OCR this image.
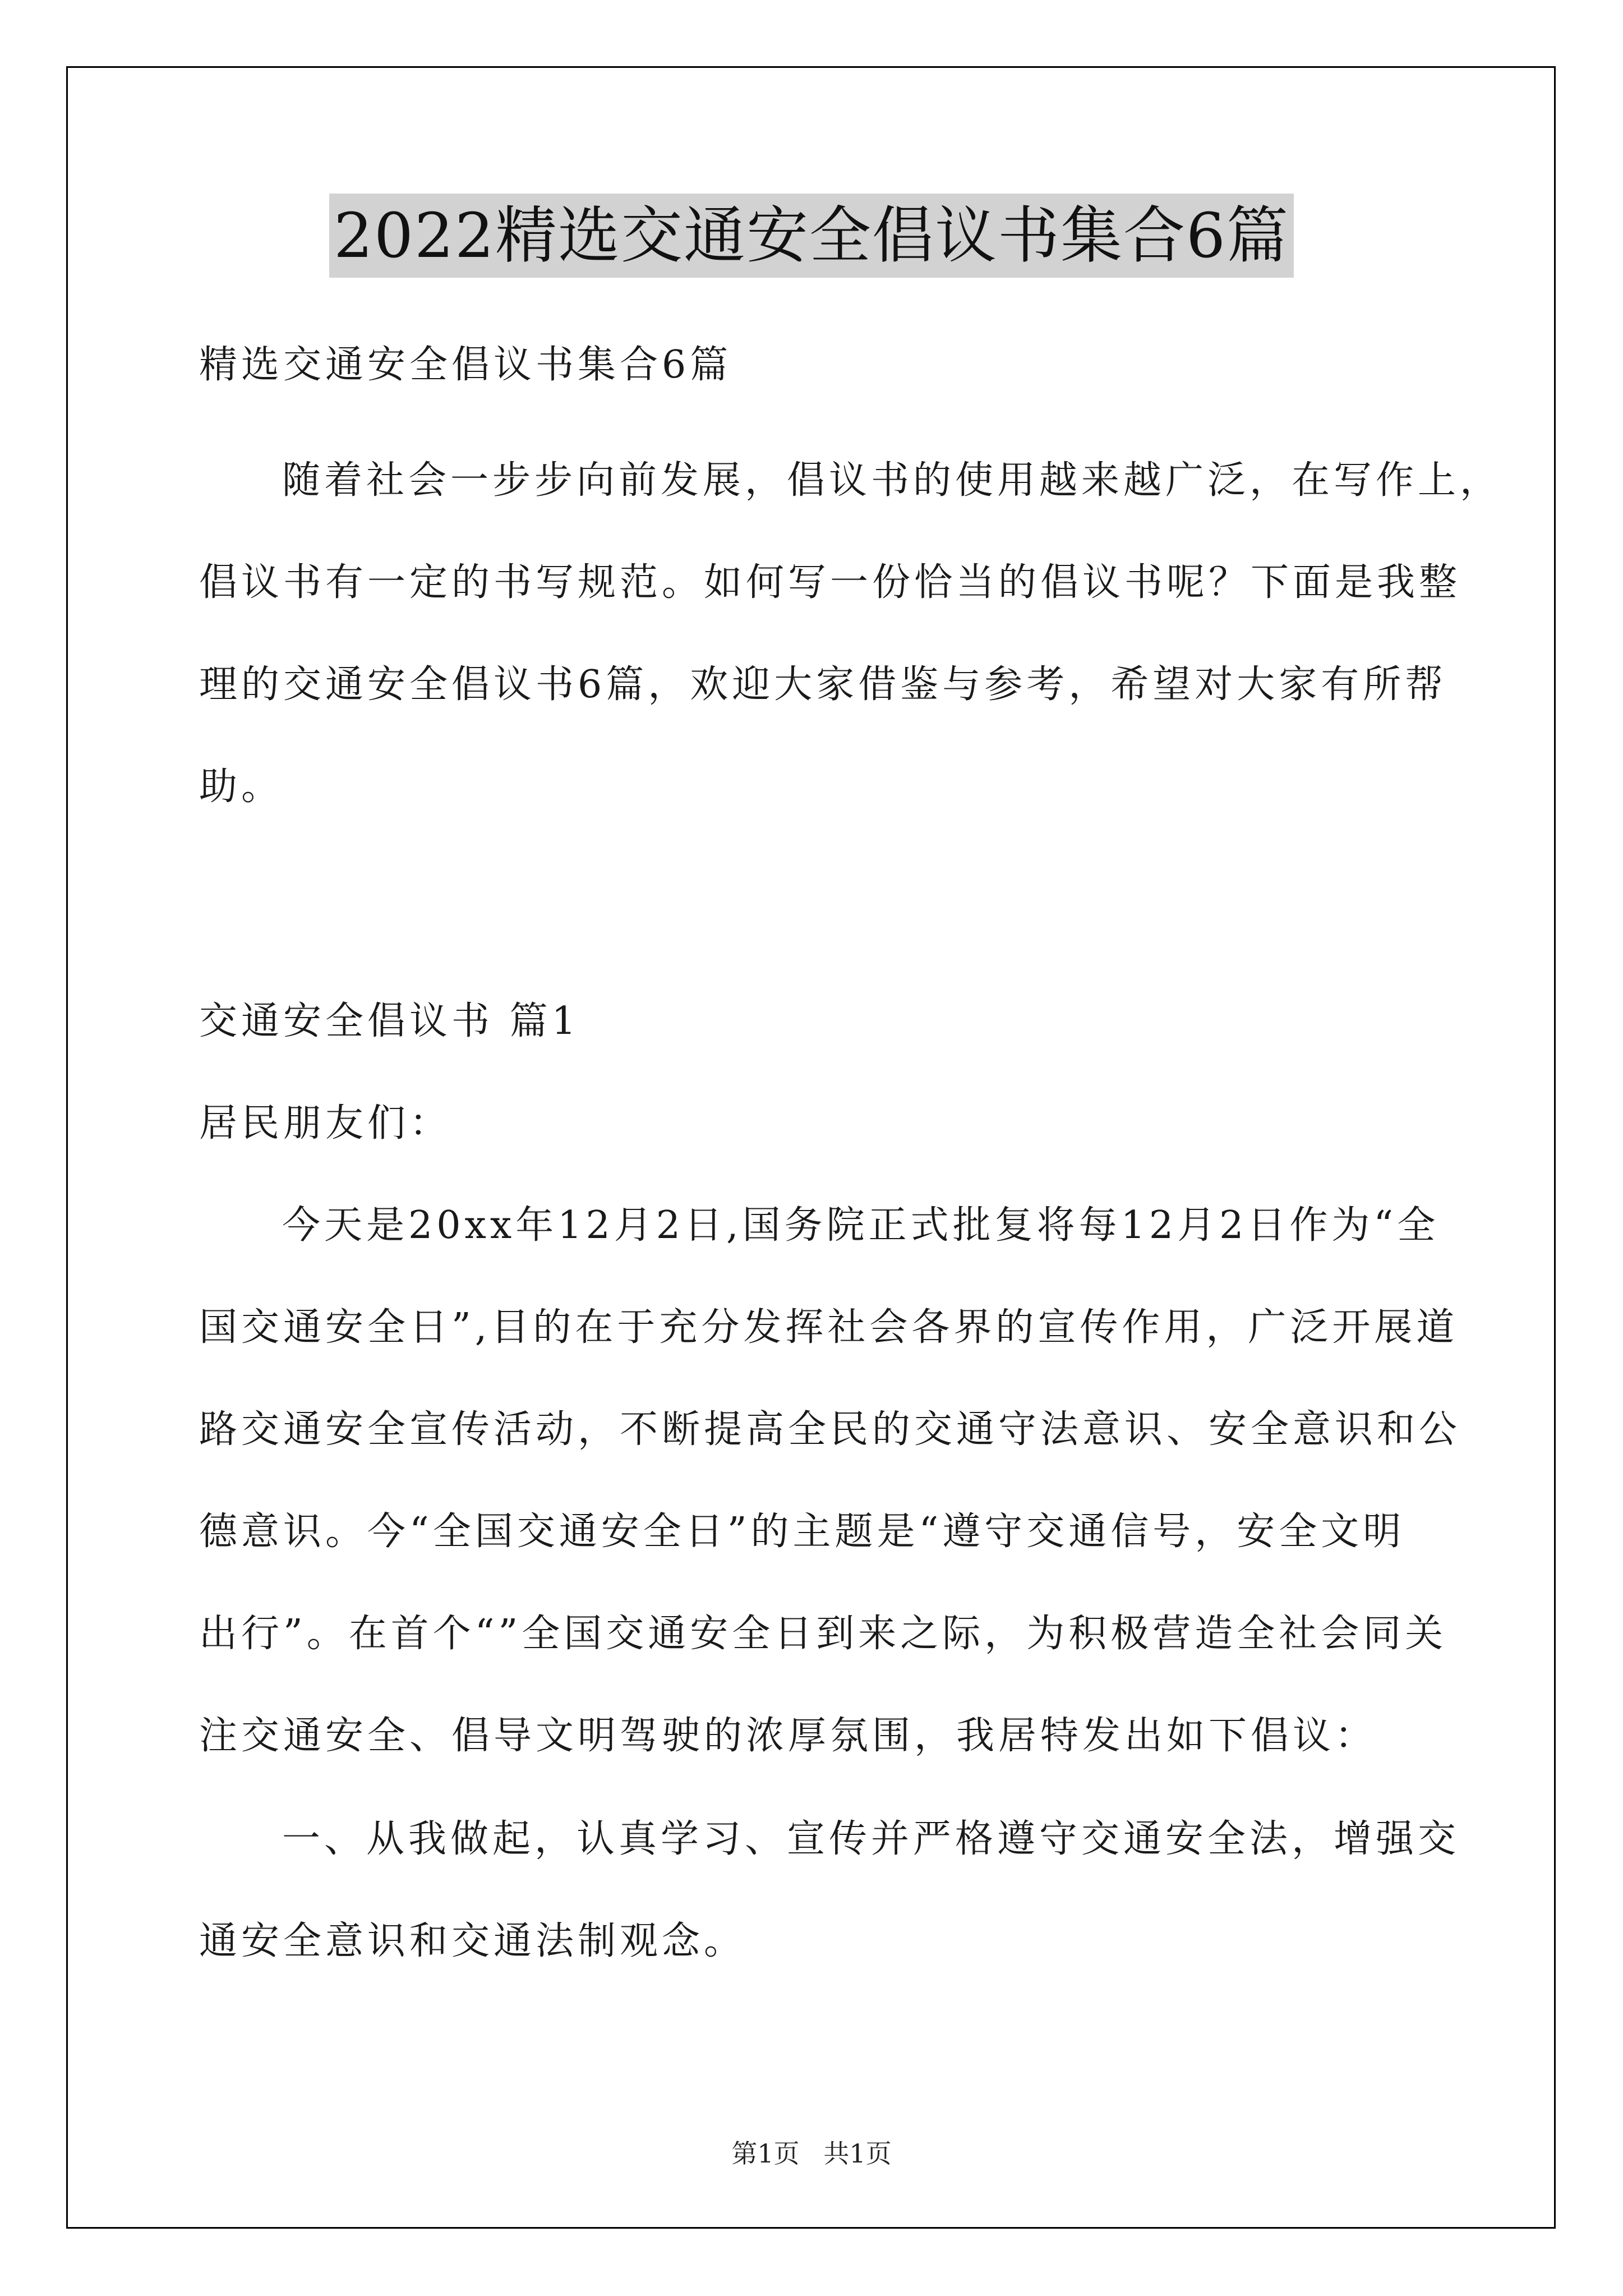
2022精选交通安全倡议书集合6篇

精选交通安全倡议书集合6篇

随着社会一步步向前发展，倡议书的使用越来越广泛，在写作上，

倡议书有一定的书写规范。如何写一份恰当的倡议书呢？下面是我整

理的交通安全倡议书6篇，欢迎大家借鉴与参考，希望对大家有所帮

助。

交通安全倡议书 篇1

居民朋友们：

今天是20xx年12月2日,国务院正式批复将每12月2日作为“全

国交通安全日”,目的在于充分发挥社会各界的宣传作用，广泛开展道

路交通安全宣传活动，不断提高全民的交通守法意识、安全意识和公

德意识。今“全国交通安全日”的主题是“遵守交通信号，安全文明

出行”。在首个“”全国交通安全日到来之际，为积极营造全社会同关

注交通安全、倡导文明驾驶的浓厚氛围，我居特发出如下倡议：

一、从我做起，认真学习、宣传并严格遵守交通安全法，增强交

通安全意识和交通法制观念。

第1页 共1页
